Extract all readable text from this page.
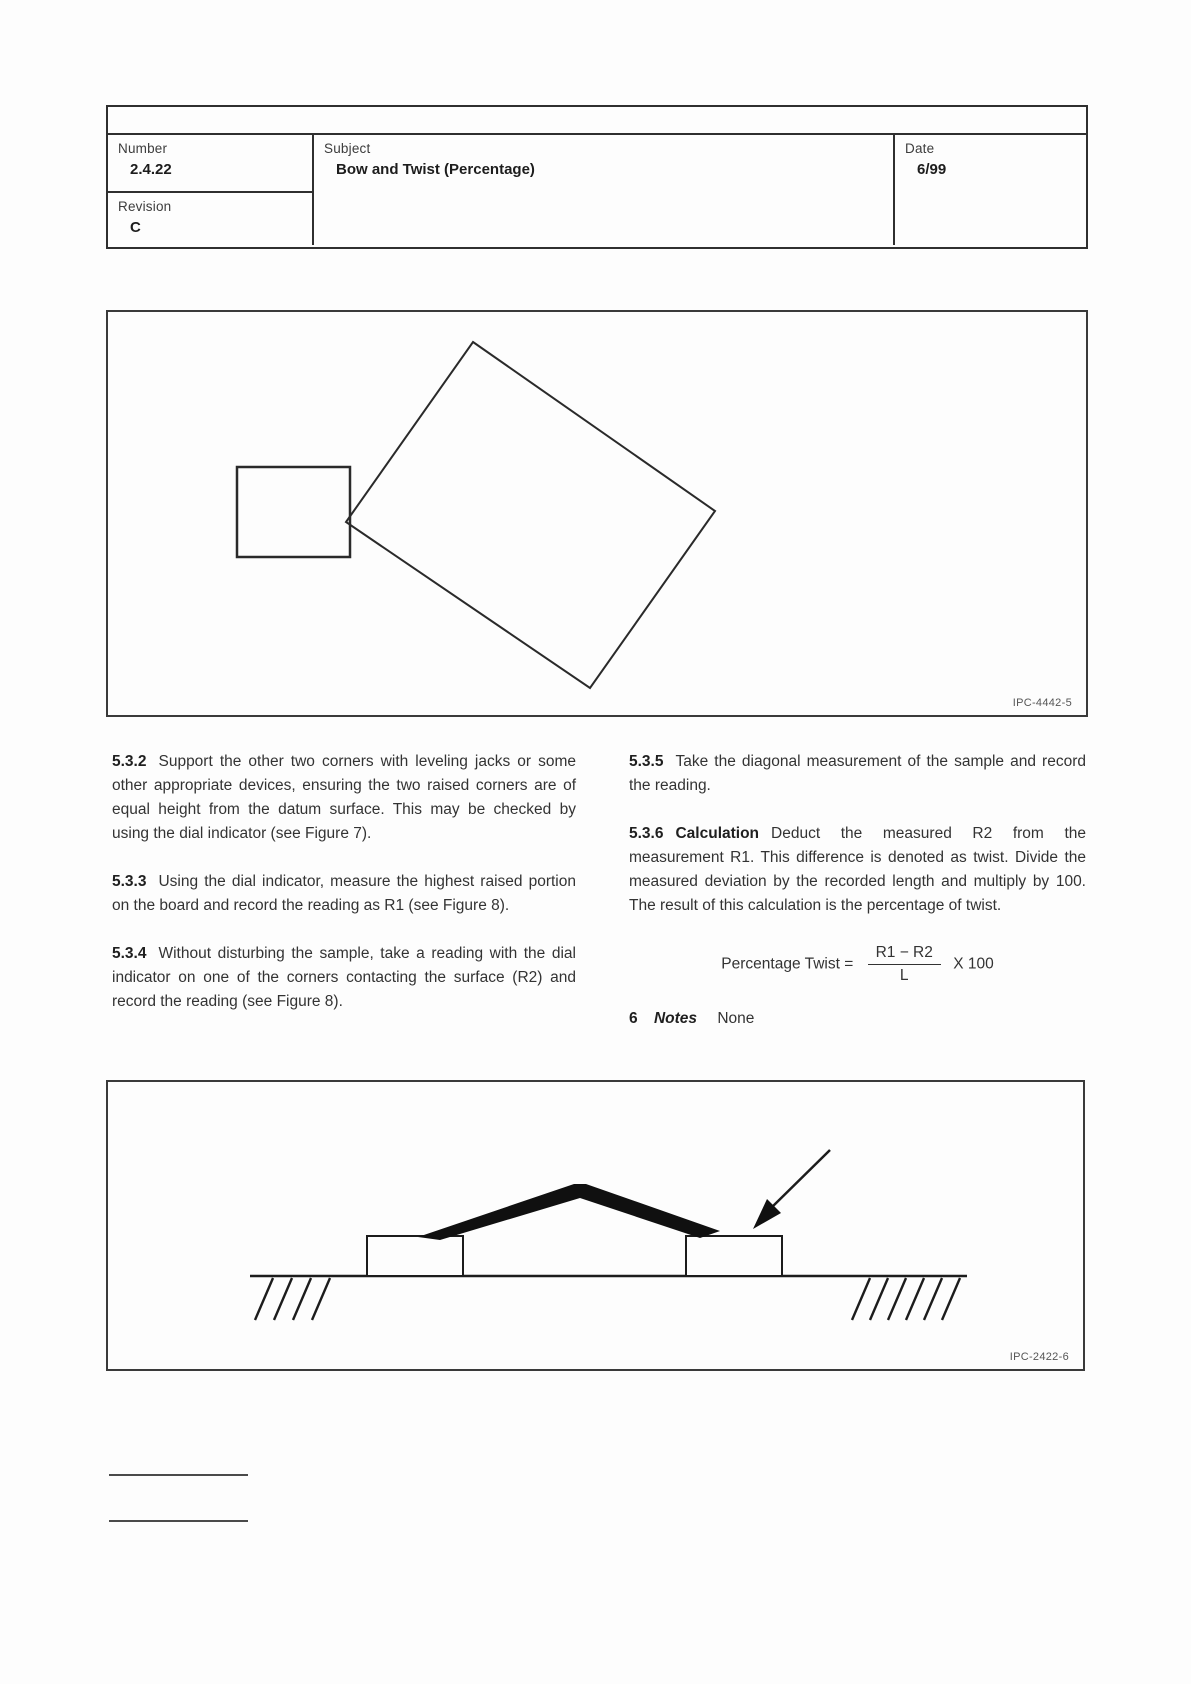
Number
2.4.22
Revision
C
Subject
Bow and Twist (Percentage)
Date
6/99
IPC-4442-5

5.3.2 Support the other two corners with leveling jacks or some other appropriate devices, ensuring the two raised corners are of equal height from the datum surface. This may be checked by using the dial indicator (see Figure 7).

5.3.3 Using the dial indicator, measure the highest raised portion on the board and record the reading as R1 (see Figure 8).

5.3.4 Without disturbing the sample, take a reading with the dial indicator on one of the corners contacting the surface (R2) and record the reading (see Figure 8).

5.3.5 Take the diagonal measurement of the sample and record the reading.

5.3.6 Calculation Deduct the measured R2 from the measurement R1. This difference is denoted as twist. Divide the measured deviation by the recorded length and multiply by 100. The result of this calculation is the percentage of twist.

Percentage Twist = $\frac{R1 - R2}{L}$ X 100
6 Notes None
IPC-2422-6
